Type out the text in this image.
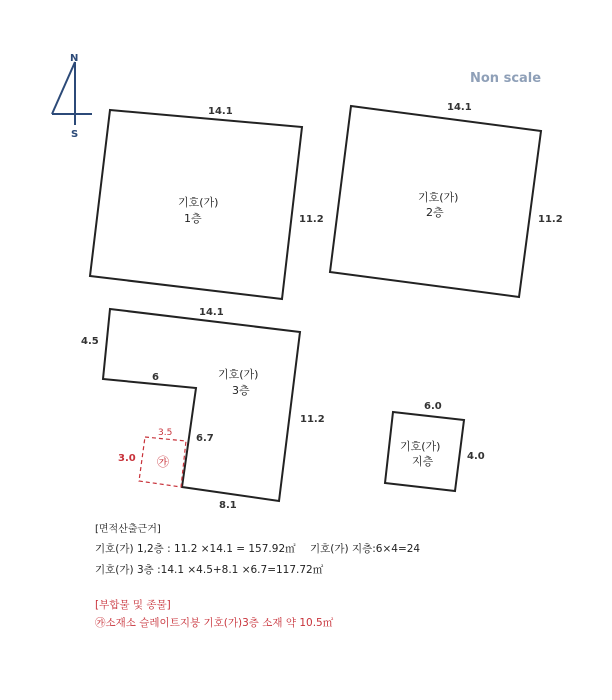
N
S
Non scale
14.1
11.2
기호(가)
1층
14.1
11.2
기호(가)
2층
14.1
4.5
6
6.7
11.2
8.1
기호(가)
3층
3.5
3.0 ㉮
6.0
4.0
기호(가)
지층
[면적산출근거]
기호(가) 1,2층 : 11.2 ×14.1 = 157.92㎡ 기호(가) 지층:6×4=24
기호(가) 3층 :14.1 ×4.5+8.1 ×6.7=117.72㎡
[부합물 및 종물]
㉮소재소 슬레이트지붕 기호(가)3층 소재 약 10.5㎡
